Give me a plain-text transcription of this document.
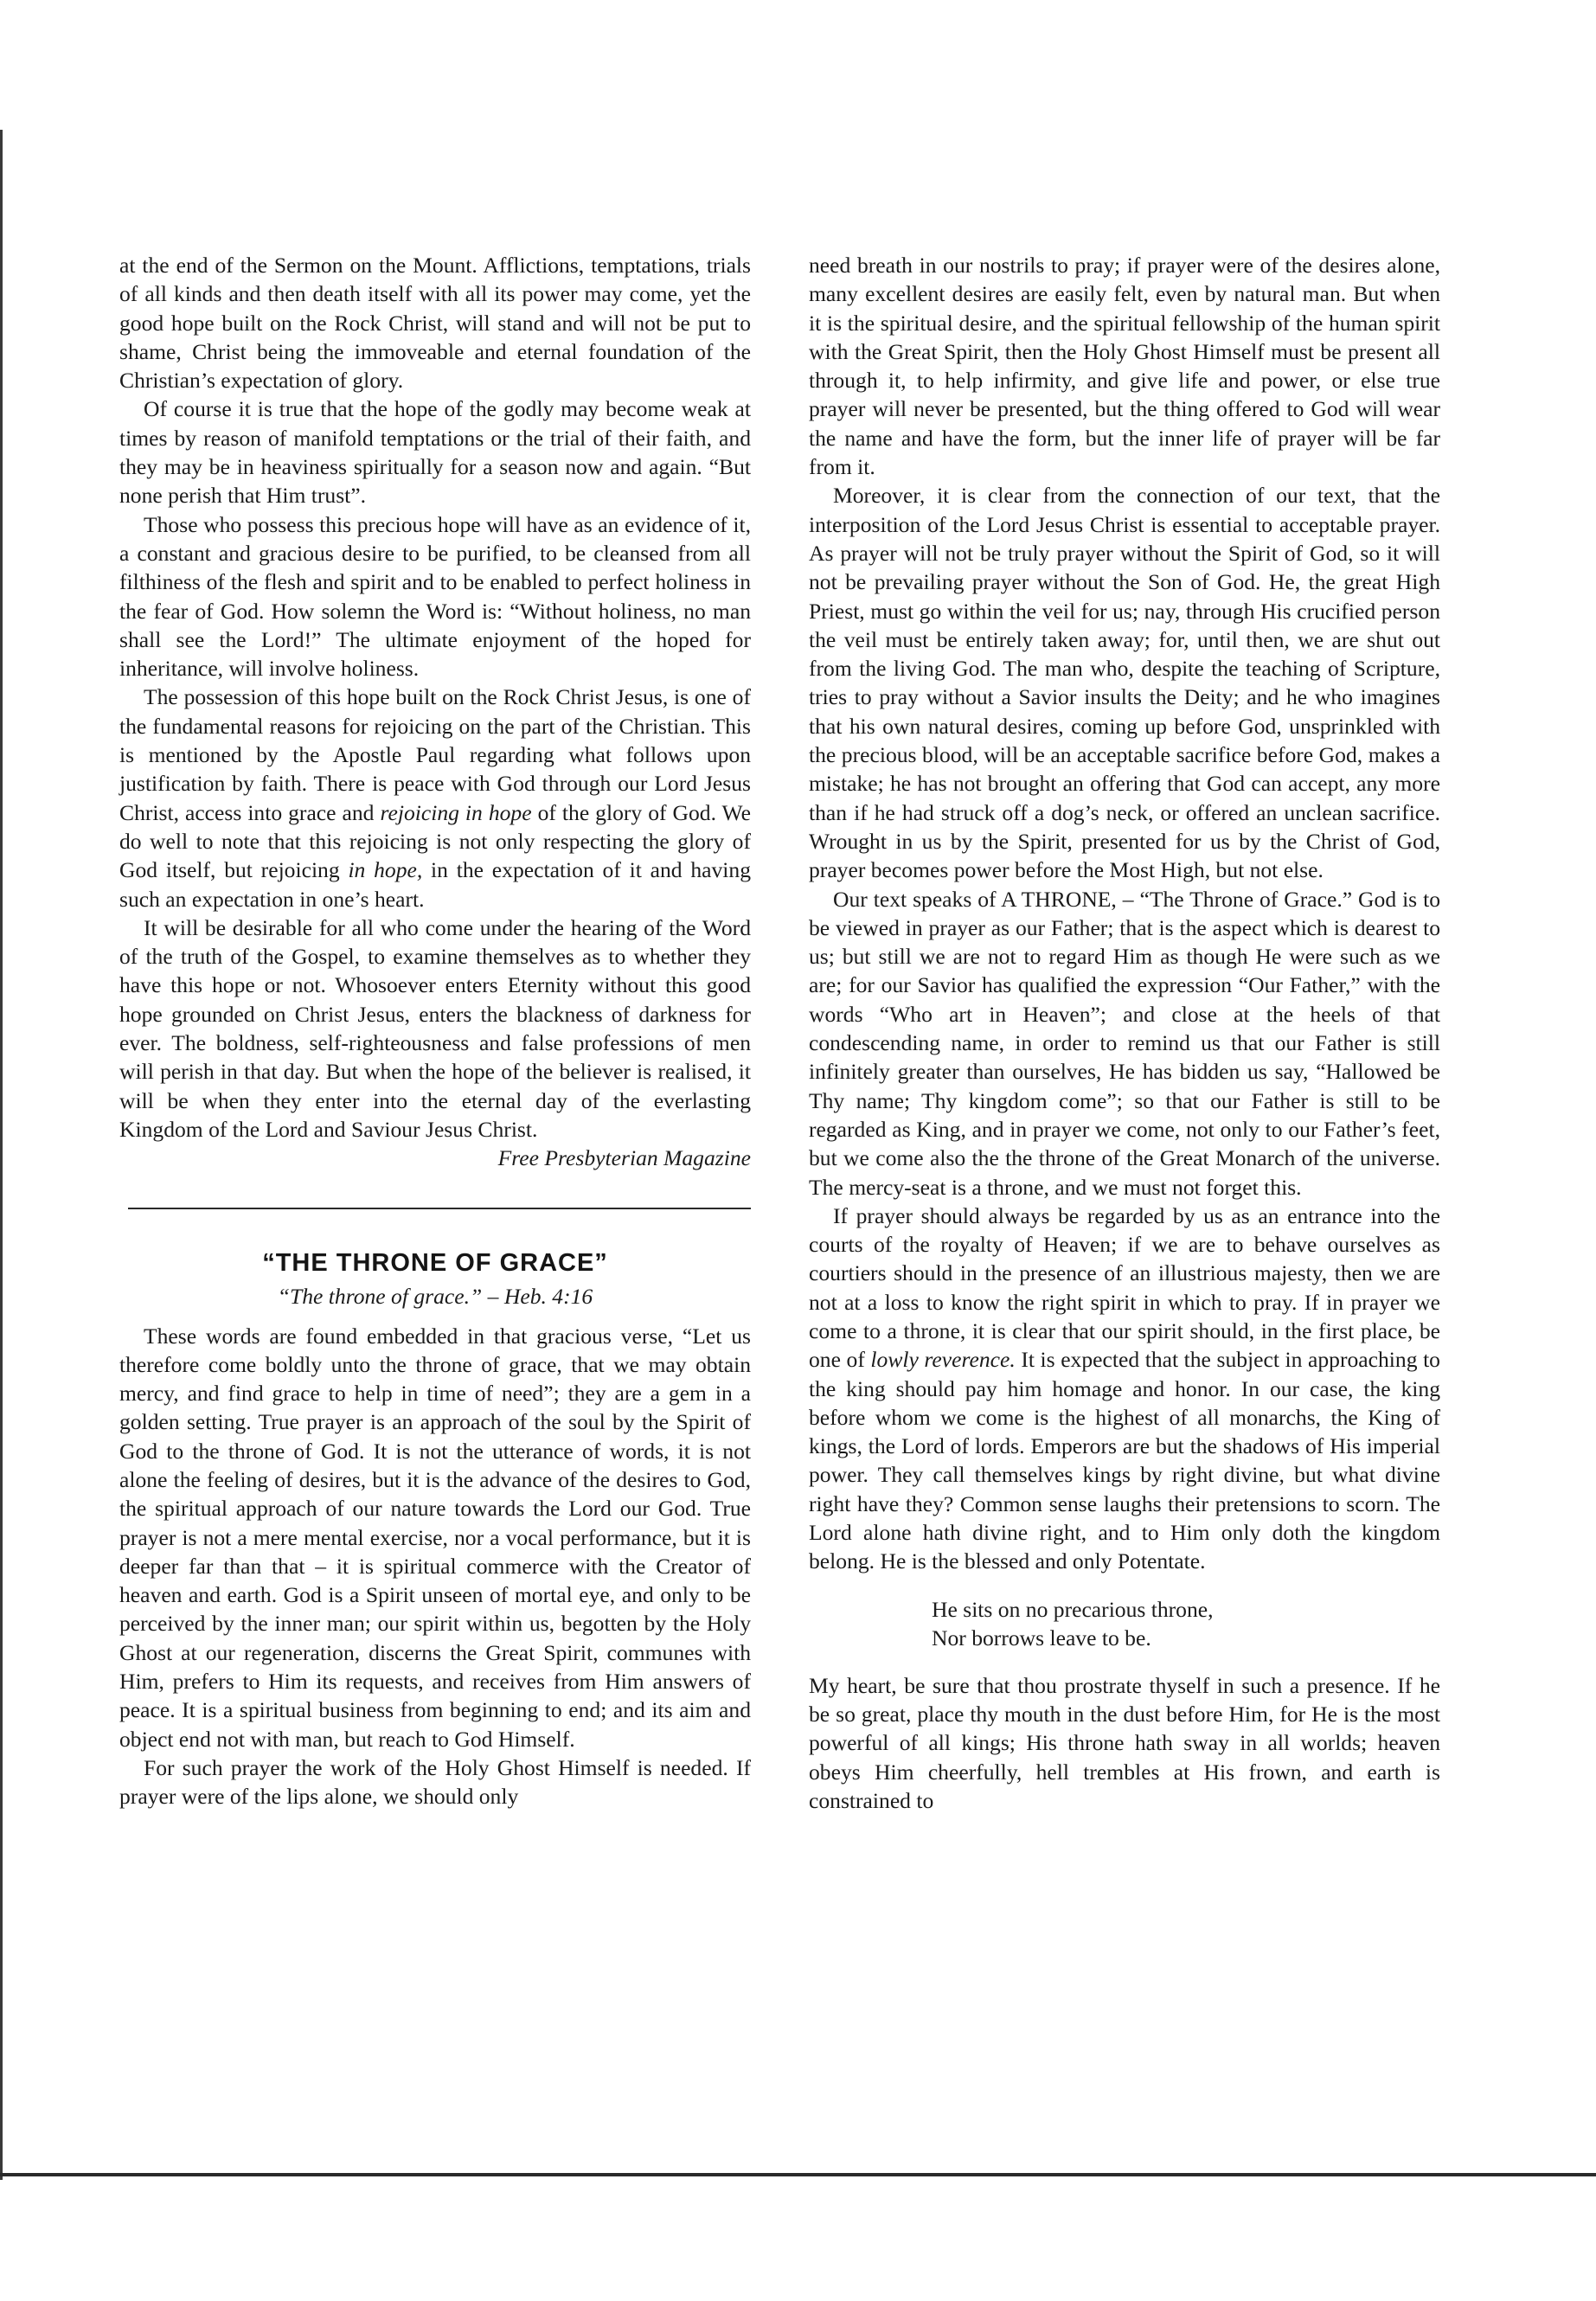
at the end of the Sermon on the Mount. Afflictions, temptations, trials of all kinds and then death itself with all its power may come, yet the good hope built on the Rock Christ, will stand and will not be put to shame, Christ being the immoveable and eternal foundation of the Christian’s expectation of glory.

Of course it is true that the hope of the godly may become weak at times by reason of manifold temptations or the trial of their faith, and they may be in heaviness spiritually for a season now and again. “But none perish that Him trust”.

Those who possess this precious hope will have as an evidence of it, a constant and gracious desire to be purified, to be cleansed from all filthiness of the flesh and spirit and to be enabled to perfect holiness in the fear of God. How solemn the Word is: “Without holiness, no man shall see the Lord!” The ultimate enjoyment of the hoped for inheritance, will involve holiness.

The possession of this hope built on the Rock Christ Jesus, is one of the fundamental reasons for rejoicing on the part of the Christian. This is mentioned by the Apostle Paul regarding what follows upon justification by faith. There is peace with God through our Lord Jesus Christ, access into grace and rejoicing in hope of the glory of God. We do well to note that this rejoicing is not only respecting the glory of God itself, but rejoicing in hope, in the expectation of it and having such an expectation in one’s heart.

It will be desirable for all who come under the hearing of the Word of the truth of the Gospel, to examine themselves as to whether they have this hope or not. Whosoever enters Eternity without this good hope grounded on Christ Jesus, enters the blackness of darkness for ever. The boldness, self-righteousness and false professions of men will perish in that day. But when the hope of the believer is realised, it will be when they enter into the eternal day of the everlasting Kingdom of the Lord and Saviour Jesus Christ.

Free Presbyterian Magazine

“THE THRONE OF GRACE”
“The throne of grace.” – Heb. 4:16

These words are found embedded in that gracious verse, “Let us therefore come boldly unto the throne of grace, that we may obtain mercy, and find grace to help in time of need”; they are a gem in a golden setting. True prayer is an approach of the soul by the Spirit of God to the throne of God. It is not the utterance of words, it is not alone the feeling of desires, but it is the advance of the desires to God, the spiritual approach of our nature towards the Lord our God. True prayer is not a mere mental exercise, nor a vocal performance, but it is deeper far than that – it is spiritual commerce with the Creator of heaven and earth. God is a Spirit unseen of mortal eye, and only to be perceived by the inner man; our spirit within us, begotten by the Holy Ghost at our regeneration, discerns the Great Spirit, communes with Him, prefers to Him its requests, and receives from Him answers of peace. It is a spiritual business from beginning to end; and its aim and object end not with man, but reach to God Himself.

For such prayer the work of the Holy Ghost Himself is needed. If prayer were of the lips alone, we should only

need breath in our nostrils to pray; if prayer were of the desires alone, many excellent desires are easily felt, even by natural man. But when it is the spiritual desire, and the spiritual fellowship of the human spirit with the Great Spirit, then the Holy Ghost Himself must be present all through it, to help infirmity, and give life and power, or else true prayer will never be presented, but the thing offered to God will wear the name and have the form, but the inner life of prayer will be far from it.

Moreover, it is clear from the connection of our text, that the interposition of the Lord Jesus Christ is essential to acceptable prayer. As prayer will not be truly prayer without the Spirit of God, so it will not be prevailing prayer without the Son of God. He, the great High Priest, must go within the veil for us; nay, through His crucified person the veil must be entirely taken away; for, until then, we are shut out from the living God. The man who, despite the teaching of Scripture, tries to pray without a Savior insults the Deity; and he who imagines that his own natural desires, coming up before God, unsprinkled with the precious blood, will be an acceptable sacrifice before God, makes a mistake; he has not brought an offering that God can accept, any more than if he had struck off a dog’s neck, or offered an unclean sacrifice. Wrought in us by the Spirit, presented for us by the Christ of God, prayer becomes power before the Most High, but not else.

Our text speaks of A THRONE, – “The Throne of Grace.” God is to be viewed in prayer as our Father; that is the aspect which is dearest to us; but still we are not to regard Him as though He were such as we are; for our Savior has qualified the expression “Our Father,” with the words “Who art in Heaven”; and close at the heels of that condescending name, in order to remind us that our Father is still infinitely greater than ourselves, He has bidden us say, “Hallowed be Thy name; Thy kingdom come”; so that our Father is still to be regarded as King, and in prayer we come, not only to our Father’s feet, but we come also the the throne of the Great Monarch of the universe. The mercy-seat is a throne, and we must not forget this.

If prayer should always be regarded by us as an entrance into the courts of the royalty of Heaven; if we are to behave ourselves as courtiers should in the presence of an illustrious majesty, then we are not at a loss to know the right spirit in which to pray. If in prayer we come to a throne, it is clear that our spirit should, in the first place, be one of lowly reverence. It is expected that the subject in approaching to the king should pay him homage and honor. In our case, the king before whom we come is the highest of all monarchs, the King of kings, the Lord of lords. Emperors are but the shadows of His imperial power. They call themselves kings by right divine, but what divine right have they? Common sense laughs their pretensions to scorn. The Lord alone hath divine right, and to Him only doth the kingdom belong. He is the blessed and only Potentate.

He sits on no precarious throne,
Nor borrows leave to be.

My heart, be sure that thou prostrate thyself in such a presence. If he be so great, place thy mouth in the dust before Him, for He is the most powerful of all kings; His throne hath sway in all worlds; heaven obeys Him cheerfully, hell trembles at His frown, and earth is constrained to
